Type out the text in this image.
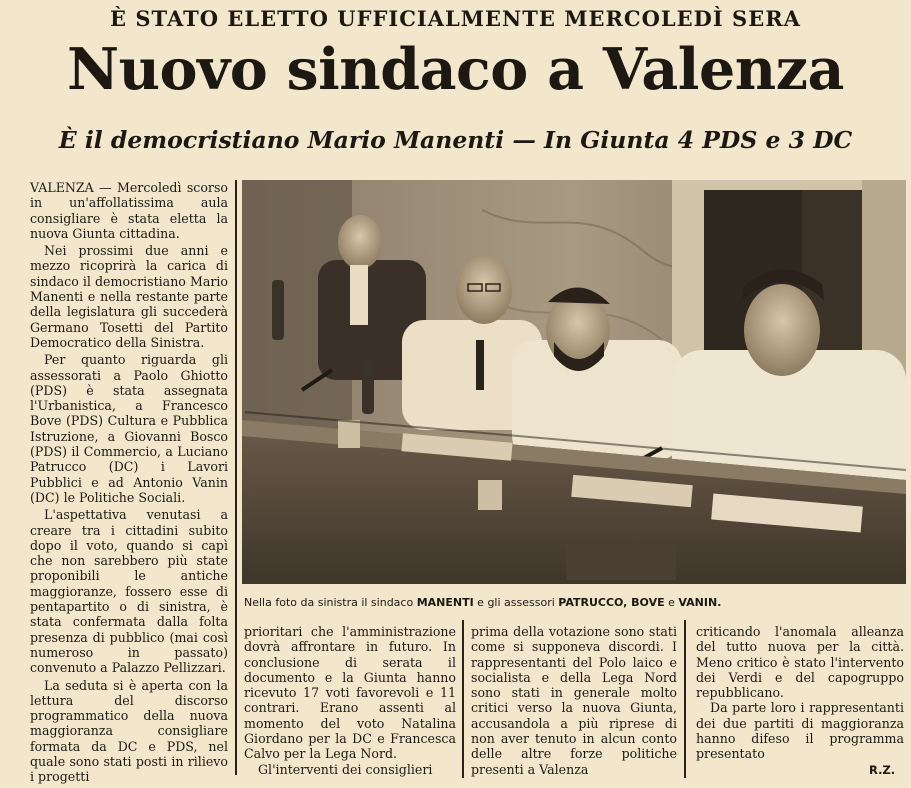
È STATO ELETTO UFFICIALMENTE MERCOLEDÌ SERA
Nuovo sindaco a Valenza
È il democristiano Mario Manenti — In Giunta 4 PDS e 3 DC

VALENZA — Mercoledì scorso in un'affollatissima aula consigliare è stata eletta la nuova Giunta cittadina.

Nei prossimi due anni e mezzo ricoprirà la carica di sindaco il democristiano Mario Manenti e nella restante parte della legislatura gli succederà Germano Tosetti del Partito Democratico della Sinistra.

Per quanto riguarda gli assessorati a Paolo Ghiotto (PDS) è stata assegnata l'Urbanistica, a Francesco Bove (PDS) Cultura e Pubblica Istruzione, a Giovanni Bosco (PDS) il Commercio, a Luciano Patrucco (DC) i Lavori Pubblici e ad Antonio Vanin (DC) le Politiche Sociali.

L'aspettativa venutasi a creare tra i cittadini subito dopo il voto, quando si capì che non sarebbero più state proponibili le antiche maggioranze, fossero esse di pentapartito o di sinistra, è stata confermata dalla folta presenza di pubblico (mai così numeroso in passato) convenuto a Palazzo Pellizzari.

La seduta si è aperta con la lettura del discorso programmatico della nuova maggioranza consigliare formata da DC e PDS, nel quale sono stati posti in rilievo i progetti

Nella foto da sinistra il sindaco MANENTI e gli assessori PATRUCCO, BOVE e VANIN.

prioritari che l'amministrazione dovrà affrontare in futuro. In conclusione di serata il documento e la Giunta hanno ricevuto 17 voti favorevoli e 11 contrari. Erano assenti al momento del voto Natalina Giordano per la DC e Francesca Calvo per la Lega Nord.

Gl'interventi dei consiglieri

prima della votazione sono stati come si supponeva discordi. I rappresentanti del Polo laico e socialista e della Lega Nord sono stati in generale molto critici verso la nuova Giunta, accusandola a più riprese di non aver tenuto in alcun conto delle altre forze politiche presenti a Valenza

criticando l'anomala alleanza del tutto nuova per la città. Meno critico è stato l'intervento dei Verdi e del capogruppo repubblicano.

Da parte loro i rappresentanti dei due partiti di maggioranza hanno difeso il programma presentato

R.Z.
